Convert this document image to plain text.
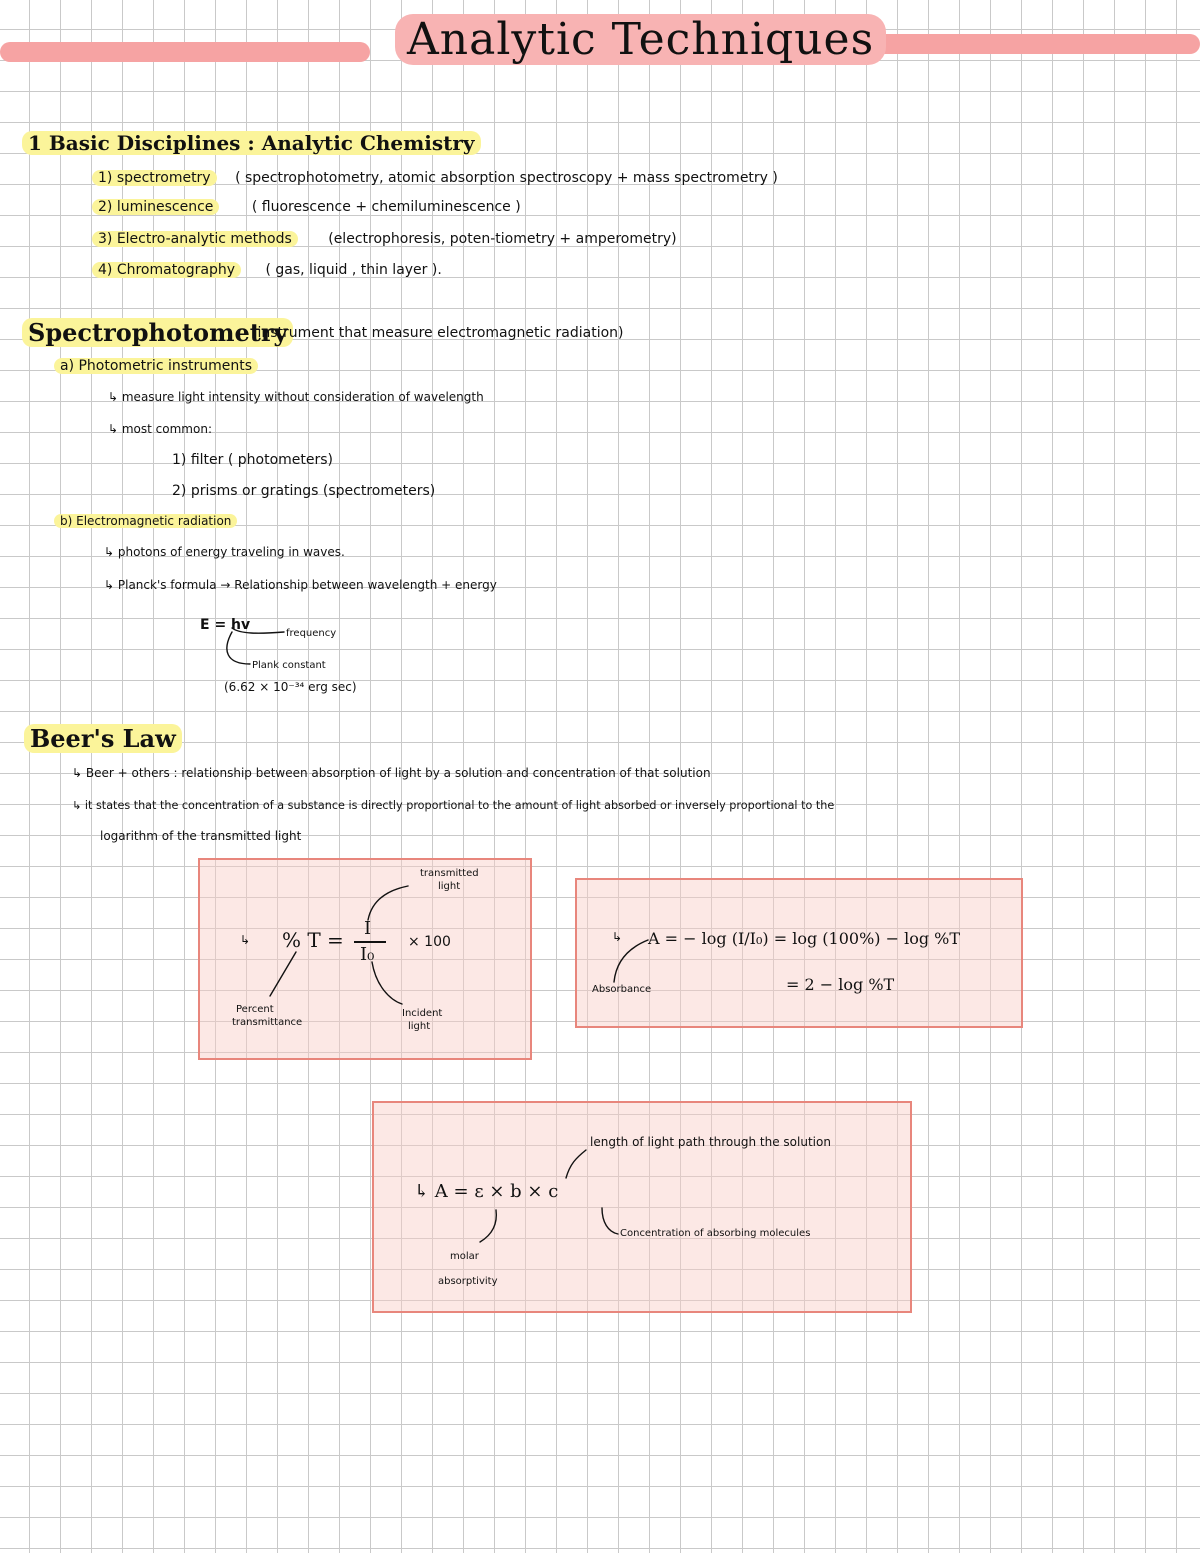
Analytic Techniques
1 Basic Disciplines : Analytic Chemistry
1) spectrometry ( spectrophotometry, atomic absorption spectroscopy + mass spectrometry )
2) luminescence	( fluorescence + chemiluminescence )
3) Electro-analytic methods	(electrophoresis, poten-tiometry + amperometry)
4) Chromatography ( gas, liquid , thin layer ).
Spectrophotometry
(instrument that measure electromagnetic radiation)
a) Photometric instruments
↳ measure light intensity without consideration of wavelength
↳ most common:
1) filter ( photometers)
2) prisms or gratings (spectrometers)
b) Electromagnetic radiation
↳ photons of energy traveling in waves.
↳ Planck's formula → Relationship between wavelength + energy
E = hv
frequency
Plank constant
(6.62 × 10⁻³⁴ erg sec)
Beer's Law
↳ Beer + others : relationship between absorption of light by a solution and concentration of that solution
↳ it states that the concentration of a substance is directly proportional to the amount of light absorbed or inversely proportional to the
logarithm of the transmitted light
↳ % T = I
I₀
× 100
transmitted
light
Incident
light
Percent
transmittance
↳ A = − log (I/I₀) = log (100%) − log %T
= 2 − log %T
Absorbance
↳ A = ε × b × c
length of light path through the solution
Concentration of absorbing molecules
molar
absorptivity
